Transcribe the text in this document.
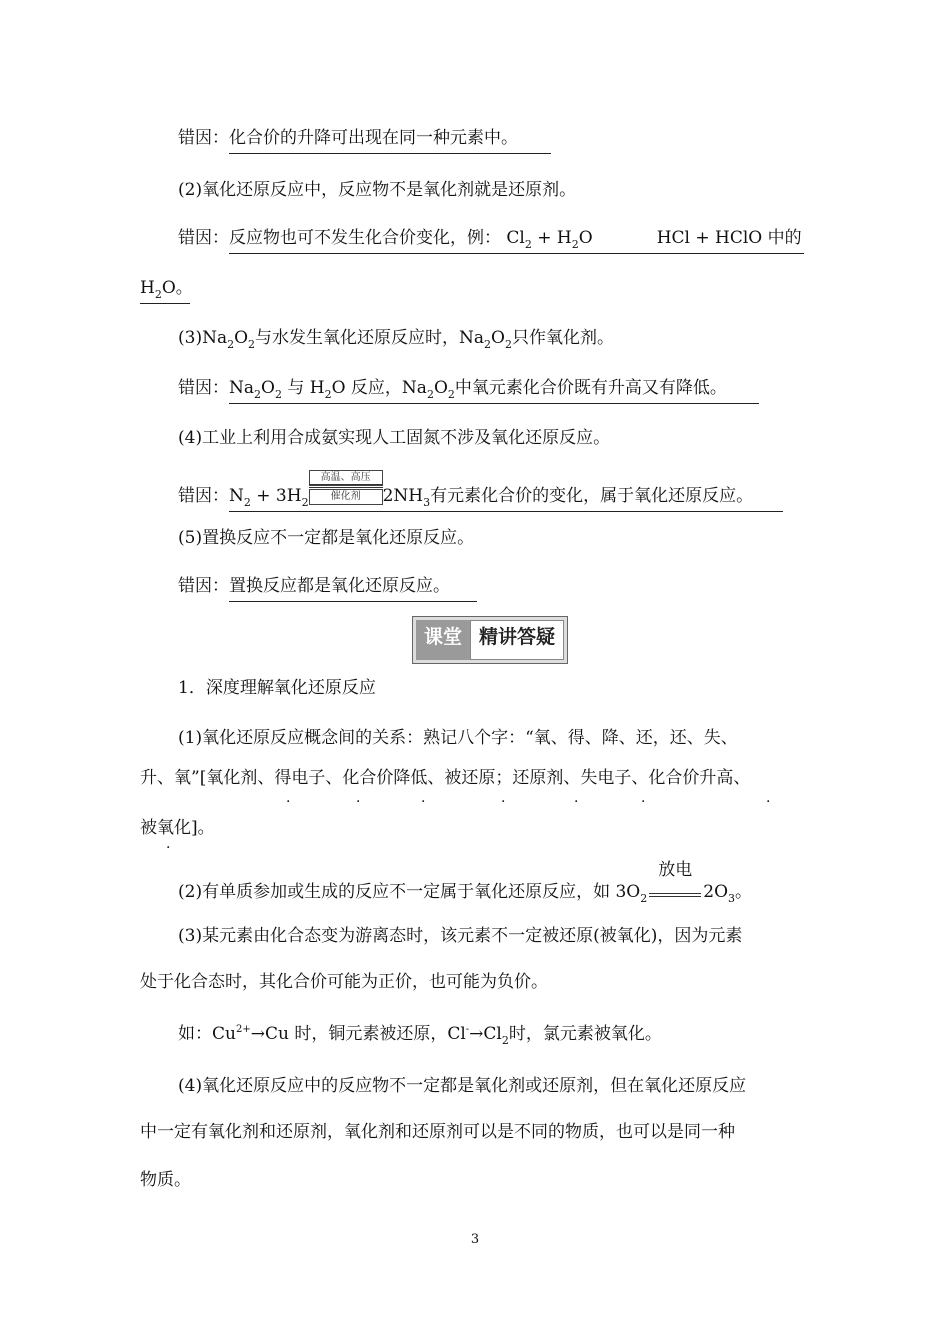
错因：化合价的升降可出现在同一种元素中。
(2)氧化还原反应中，反应物不是氧化剂就是还原剂。
错因：反应物也可不发生化合价变化，例： $Cl_2 + H_2O$	HCl + HClO 中的
$H_2O$。
$(3)Na_2O_2$与水发生氧化还原反应时，$Na_2O_2$只作氧化剂。
错因：$Na_2O_2$ 与 $H_2O$ 反应，$Na_2O_2$中氧元素化合价既有升高又有降低。
(4)工业上利用合成氨实现人工固氮不涉及氧化还原反应。
错因：$N_2 + 3H_2$
高温、高压
催化剂	$2NH_3$有元素化合价的变化，属于氧化还原反应。
(5)置换反应不一定都是氧化还原反应。
错因：置换反应都是氧化还原反应。
课堂 精讲答疑
1．深度理解氧化还原反应
(1)氧化还原反应概念间的关系：熟记八个字：“氧、得、降、还，还、失、
升、氧”[氧化剂、得电子、化合价降低、被还原；还原剂、失电子、化合价升高、
被氧化]。
·	·	·	·	·	·	·
·
(2)有单质参加或生成的反应不一定属于氧化还原反应，如 $3O_2$
放电
$2O_3$。
(3)某元素由化合态变为游离态时，该元素不一定被还原(被氧化)，因为元素
处于化合态时，其化合价可能为正价，也可能为负价。
如：$Cu^{2+}\to Cu$ 时，铜元素被还原，$Cl^-\to Cl_2$时，氯元素被氧化。
(4)氧化还原反应中的反应物不一定都是氧化剂或还原剂，但在氧化还原反应
中一定有氧化剂和还原剂，氧化剂和还原剂可以是不同的物质，也可以是同一种
物质。
3
